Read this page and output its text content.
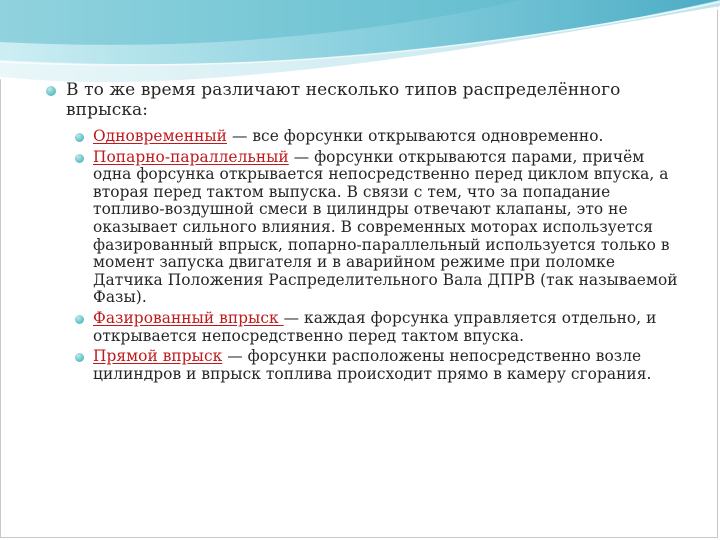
В то же время различают несколько типов распределённого впрыска:
Одновременный — все форсунки открываются одновременно.
Попарно-параллельный — форсунки открываются парами, причём одна форсунка открывается непосредственно перед циклом впуска, а вторая перед тактом выпуска. В связи с тем, что за попадание топливо-воздушной смеси в цилиндры отвечают клапаны, это не оказывает сильного влияния. В современных моторах используется фазированный впрыск, попарно-параллельный используется только в момент запуска двигателя и в аварийном режиме при поломке Датчика Положения Распределительного Вала ДПРВ (так называемой Фазы).
Фазированный впрыск — каждая форсунка управляется отдельно, и открывается непосредственно перед тактом впуска.
Прямой впрыск — форсунки расположены непосредственно возле цилиндров и впрыск топлива происходит прямо в камеру сгорания.
